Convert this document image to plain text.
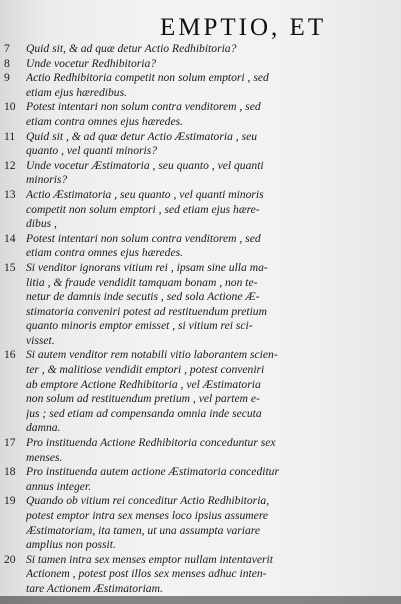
EMPTIO, ET
7	Quid sit, & ad quæ detur Actio Redhibitoria?
8	Unde vocetur Redhibitoria?
9	Actio Redhibitoria competit non solum emptori , sed
etiam ejus hæredibus.
10 Potest intentari non solum contra venditorem , sed
etiam contra omnes ejus hæredes.
11 Quid sit , & ad quæ detur Actio Æstimatoria , seu
quanto , vel quanti minoris?
12 Unde vocetur Æstimatoria , seu quanto , vel quanti
minoris?
13 Actio Æstimatoria , seu quanto , vel quanti minoris
competit non solum emptori , sed etiam ejus hære-
dibus ,
14 Potest intentari non solum contra venditorem , sed
etiam contra omnes ejus hæredes.
15 Si venditor ignorans vitium rei , ipsam sine ulla ma-
litia , & fraude vendidit tamquam bonam , non te-
netur de damnis inde secutis , sed sola Actione Æ-
stimatoria conveniri potest ad restituendum pretium
quanto minoris emptor emisset , si vitium rei sci-
visset.
16 Si autem venditor rem notabili vitio laborantem scien-
ter , & malitiose vendidit emptori , potest conveniri
ab emptore Actione Redhibitoria , vel Æstimatoria
non solum ad restituendum pretium , vel partem e-
jus ; sed etiam ad compensanda omnia inde secuta
damna.
17 Pro instituenda Actione Redhibitoria conceduntur sex
menses.
18 Pro instituenda autem actione Æstimatoria conceditur
annus integer.
19 Quando ob vitium rei conceditur Actio Redhibitoria,
potest emptor intra sex menses loco ipsius assumere
Æstimatoriam, ita tamen, ut una assumpta variare
amplius non possit.
20 Si tamen intra sex menses emptor nullam intentaverit
Actionem , potest post illos sex menses adhuc inten-
tare Actionem Æstimatoriam.
